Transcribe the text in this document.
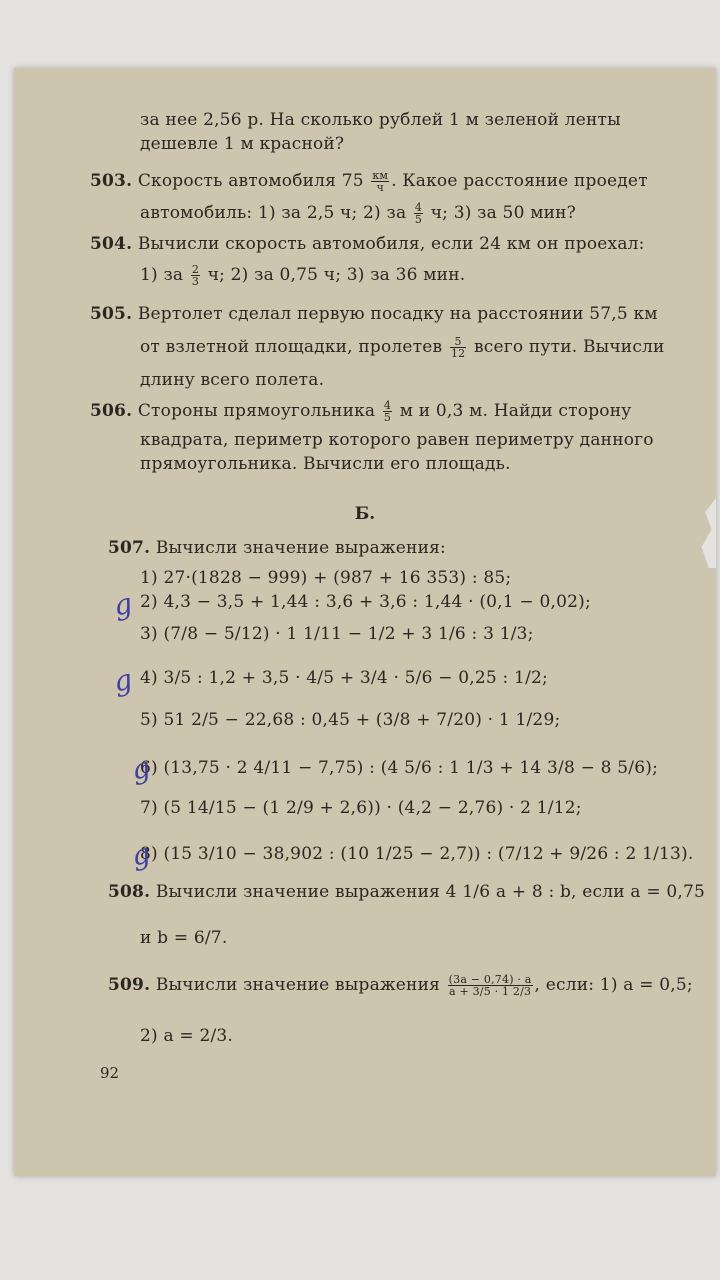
за нее 2,56 р. На сколько рублей 1 м зеленой ленты
дешевле 1 м красной?
503. Скорость автомобиля $75 \frac{км}{ч}$ . Какое расстояние проедет
автомобиль: 1) за 2,5 ч; 2) за $\frac{4}{5} ч$; 3) за 50 мин?
504. Вычисли скорость автомобиля, если 24 км он проехал:
1) за $\frac{2}{3} ч$; 2) за 0,75 ч; 3) за 36 мин.
505. Вертолет сделал первую посадку на расстоянии 57,5 км
от взлетной площадки, пролетев $\frac{5}{12}$ всего пути. Вычисли
длину всего полета.
506. Стороны прямоугольника $\frac{4}{5}$ м и 0,3 м. Найди сторону
квадрата, периметр которого равен периметру данного
прямоугольника. Вычисли его площадь.
Б.
507. Вычисли значение выражения:
1) 27·(1828 − 999) + (987 + 16 353) : 85;
2) 4,3 − 3,5 + 1,44 : 3,6 + 3,6 : 1,44 · (0,1 − 0,02);
3) (7/8 − 5/12) · 1 1/11 − 1/2 + 3 1/6 : 3 1/3;
4) 3/5 : 1,2 + 3,5 · 4/5 + 3/4 · 5/6 − 0,25 : 1/2;
5) 51 2/5 − 22,68 : 0,45 + (3/8 + 7/20) · 1 1/29;
6) (13,75 · 2 4/11 − 7,75) : (4 5/6 : 1 1/3 + 14 3/8 − 8 5/6);
7) (5 14/15 − (1 2/9 + 2,6)) · (4,2 − 2,76) · 2 1/12;
8) (15 3/10 − 38,902 : (10 1/25 − 2,7)) : (7/12 + 9/26 : 2 1/13).
g
g
g
g
508. Вычисли значение выражения 4 1/6 a + 8 : b, если a = 0,75
и b = 6/7.
509. Вычисли значение выражения $\frac{(3a - 0,74) \cdot a}{a + 3/5 \cdot 1 2/3}$ , если: 1) a = 0,5;
2) a = 2/3.
92
